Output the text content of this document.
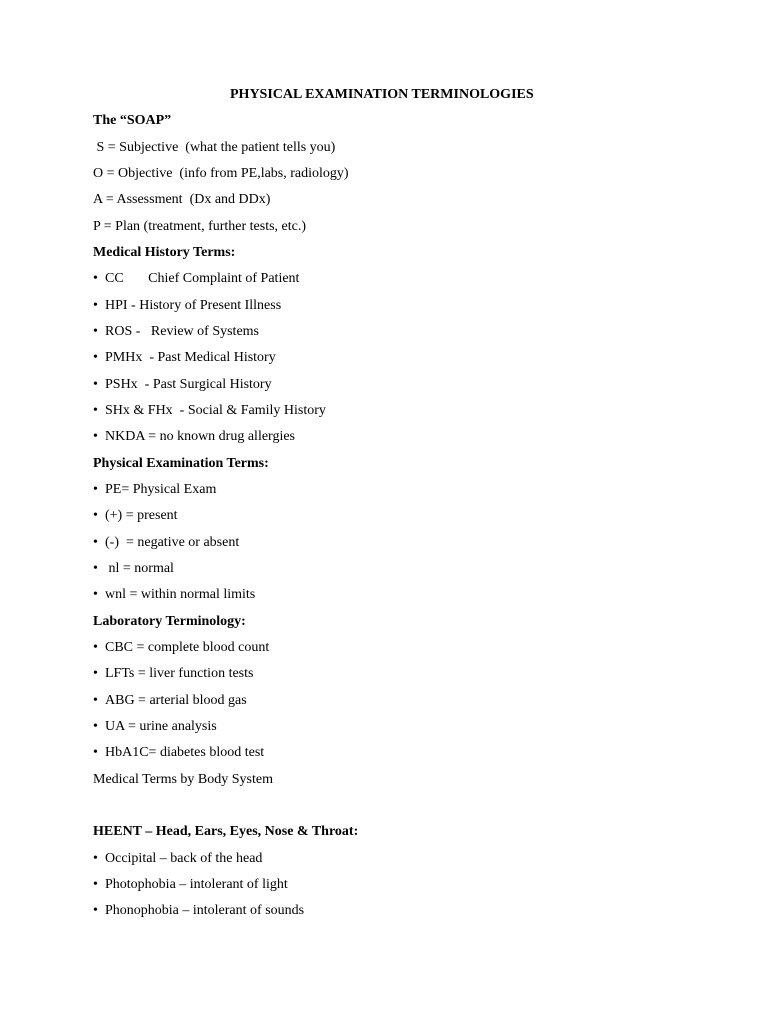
PHYSICAL EXAMINATION TERMINOLOGIES
The “SOAP”
S = Subjective  (what the patient tells you)
O = Objective  (info from PE,labs, radiology)
A = Assessment  (Dx and DDx)
P = Plan (treatment, further tests, etc.)
Medical History Terms:
• CC       Chief Complaint of Patient
• HPI - History of Present Illness
• ROS -   Review of Systems
• PMHx  - Past Medical History
• PSHx  - Past Surgical History
• SHx & FHx  - Social & Family History
• NKDA = no known drug allergies
Physical Examination Terms:
• PE= Physical Exam
• (+) = present
• (-)  = negative or absent
• nl = normal
• wnl = within normal limits
Laboratory Terminology:
• CBC = complete blood count
• LFTs = liver function tests
• ABG = arterial blood gas
• UA = urine analysis
• HbA1C= diabetes blood test
Medical Terms by Body System
HEENT – Head, Ears, Eyes, Nose & Throat:
• Occipital – back of the head
• Photophobia – intolerant of light
• Phonophobia – intolerant of sounds
